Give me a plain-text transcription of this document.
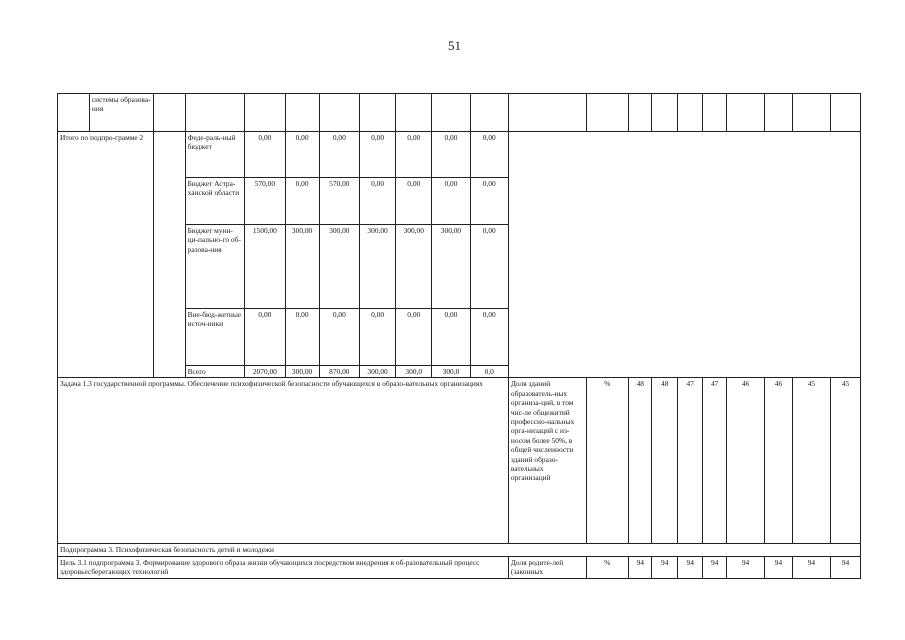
51
	системы образова-ния																			
Итого по подпро-грамме 2			Феде-раль-ный бюджет	0,00	0,00	0,00	0,00	0,00	0,00	0,00										
			Бюджет Астра-ханской области	570,00	0,00	570,00	0,00	0,00	0,00	0,00										
			Бюджет муни-ци-пально-го об-разова-ния	1500,00	300,00	300,00	300,00	300,00	300,00	0,00										
			Вне-бюд-жетные источ-ники	0,00	0,00	0,00	0,00	0,00	0,00	0,00										
			Всего	2070,00	300,00	870,00	300,00	300,0	300,0	0,0										
Задача 1.3 государственной программы. Обеспечение психофизической безопасности обучающихся в образо-вательных организациях											Доля зданий образователь-ных организа-ций, в том чис-ле общежитий профессио-нальных орга-низаций с из-носом более 50%, в общей численности зданий образо-вательных организаций	%	48	48	47	47	46	46	45	45
Подпрограмма 3. Психофизическая безопасность детей и молодежи																				
Цель 3.1 подпрограмма 3. Формирование здорового образа жизни обучающихся посредством внедрения в об-разовательный процесс здоровьесберегающих технологий											Доля родите-лей (законных	%	94	94	94	94	94	94	94	94
